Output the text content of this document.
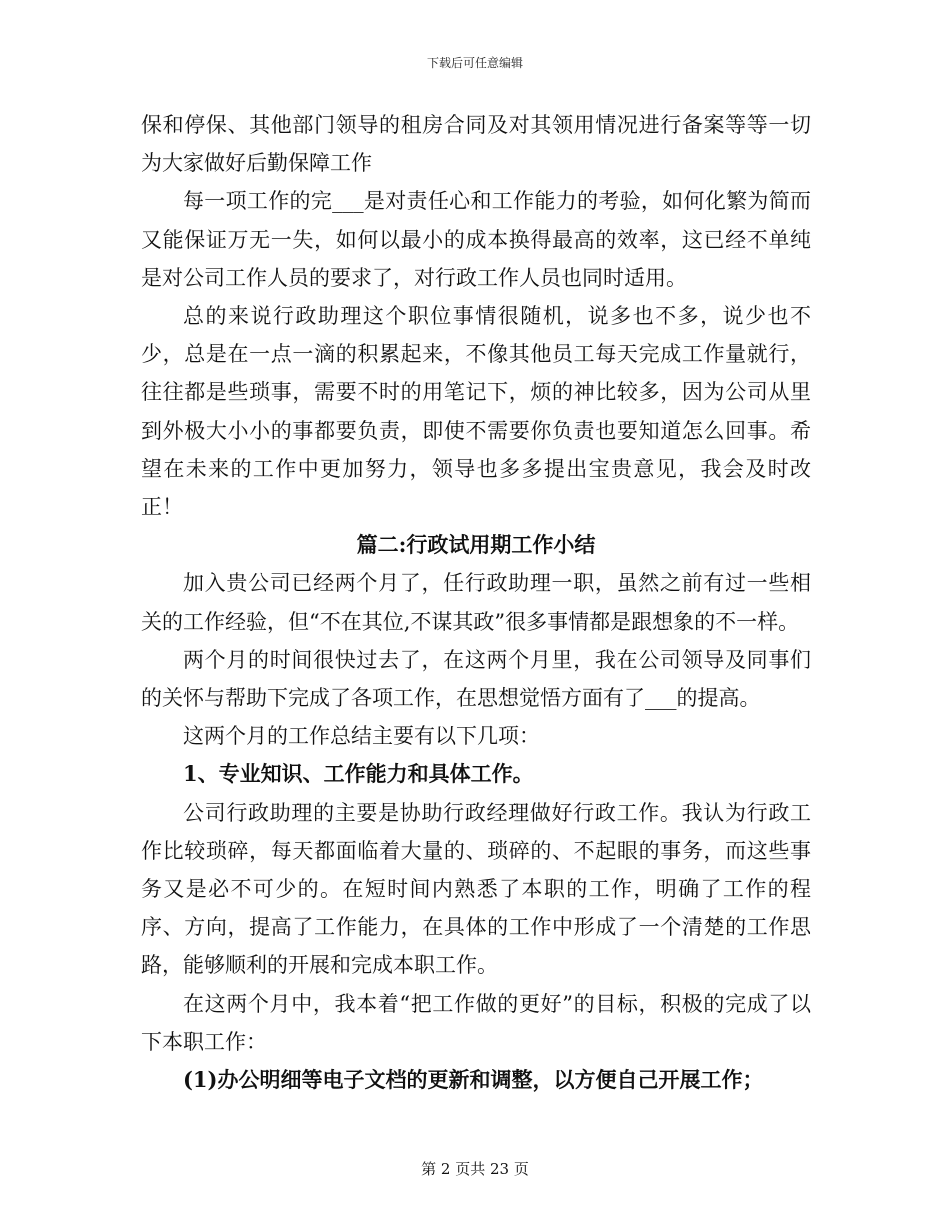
下载后可任意编辑

保和停保、其他部门领导的租房合同及对其领用情况进行备案等等一切为大家做好后勤保障工作

每一项工作的完___是对责任心和工作能力的考验，如何化繁为简而又能保证万无一失，如何以最小的成本换得最高的效率，这已经不单纯是对公司工作人员的要求了，对行政工作人员也同时适用。

总的来说行政助理这个职位事情很随机，说多也不多，说少也不少，总是在一点一滴的积累起来，不像其他员工每天完成工作量就行，往往都是些琐事，需要不时的用笔记下，烦的神比较多，因为公司从里到外极大小小的事都要负责，即使不需要你负责也要知道怎么回事。希望在未来的工作中更加努力，领导也多多提出宝贵意见，我会及时改正！

篇二:行政试用期工作小结

加入贵公司已经两个月了，任行政助理一职，虽然之前有过一些相关的工作经验，但“不在其位,不谋其政”很多事情都是跟想象的不一样。

两个月的时间很快过去了，在这两个月里，我在公司领导及同事们的关怀与帮助下完成了各项工作，在思想觉悟方面有了___的提高。

这两个月的工作总结主要有以下几项：

1、专业知识、工作能力和具体工作。

公司行政助理的主要是协助行政经理做好行政工作。我认为行政工作比较琐碎，每天都面临着大量的、琐碎的、不起眼的事务，而这些事务又是必不可少的。在短时间内熟悉了本职的工作，明确了工作的程序、方向，提高了工作能力，在具体的工作中形成了一个清楚的工作思路，能够顺利的开展和完成本职工作。

在这两个月中，我本着“把工作做的更好”的目标，积极的完成了以下本职工作：

(1)办公明细等电子文档的更新和调整，以方便自己开展工作；

第 2 页共 23 页
